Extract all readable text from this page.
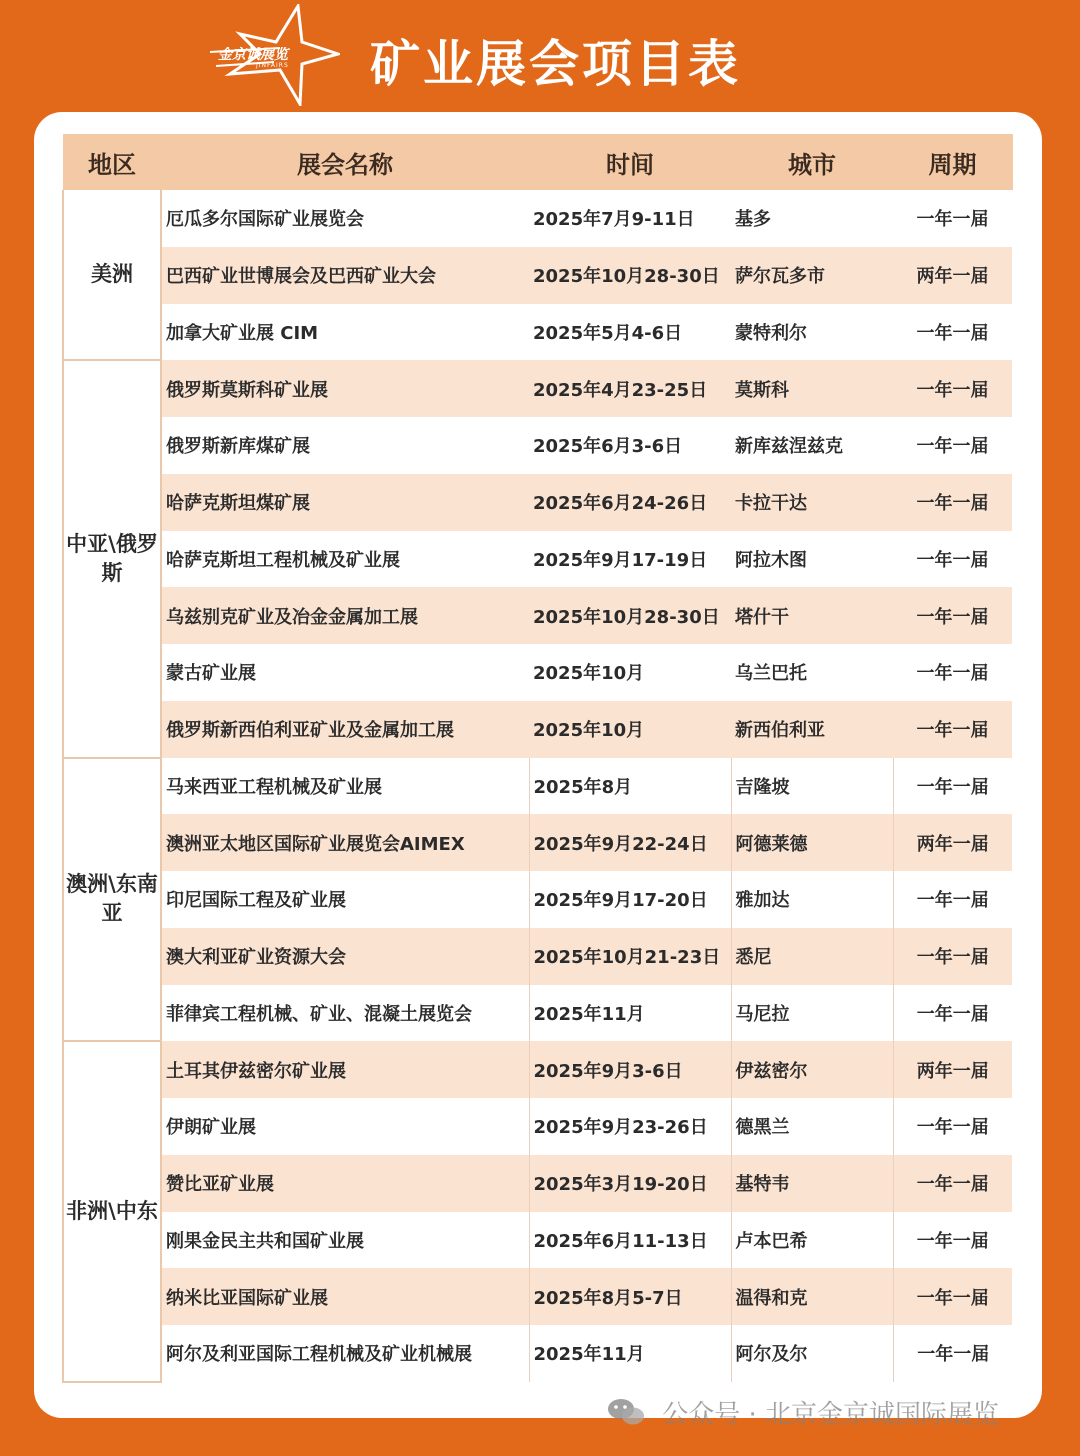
金京诚展览
JINFAIRS 矿业展会项目表
地区	展会名称	时间	城市	周期
美洲	厄瓜多尔国际矿业展览会	2025年7月9-11日	基多	一年一届
	巴西矿业世博展会及巴西矿业大会	2025年10月28-30日	萨尔瓦多市	两年一届
	加拿大矿业展 CIM	2025年5月4-6日	蒙特利尔	一年一届
中亚\俄罗斯	俄罗斯莫斯科矿业展	2025年4月23-25日	莫斯科	一年一届
	俄罗斯新库煤矿展	2025年6月3-6日	新库兹涅兹克	一年一届
	哈萨克斯坦煤矿展	2025年6月24-26日	卡拉干达	一年一届
	哈萨克斯坦工程机械及矿业展	2025年9月17-19日	阿拉木图	一年一届
	乌兹别克矿业及冶金金属加工展	2025年10月28-30日	塔什干	一年一届
	蒙古矿业展	2025年10月	乌兰巴托	一年一届
	俄罗斯新西伯利亚矿业及金属加工展	2025年10月	新西伯利亚	一年一届
澳洲\东南亚	马来西亚工程机械及矿业展	2025年8月	吉隆坡	一年一届
	澳洲亚太地区国际矿业展览会AIMEX	2025年9月22-24日	阿德莱德	两年一届
	印尼国际工程及矿业展	2025年9月17-20日	雅加达	一年一届
	澳大利亚矿业资源大会	2025年10月21-23日	悉尼	一年一届
	菲律宾工程机械、矿业、混凝土展览会	2025年11月	马尼拉	一年一届
非洲\中东	土耳其伊兹密尔矿业展	2025年9月3-6日	伊兹密尔	两年一届
	伊朗矿业展	2025年9月23-26日	德黑兰	一年一届
	赞比亚矿业展	2025年3月19-20日	基特韦	一年一届
	刚果金民主共和国矿业展	2025年6月11-13日	卢本巴希	一年一届
	纳米比亚国际矿业展	2025年8月5-7日	温得和克	一年一届
	阿尔及利亚国际工程机械及矿业机械展	2025年11月	阿尔及尔	一年一届
公众号 · 北京金京诚国际展览
